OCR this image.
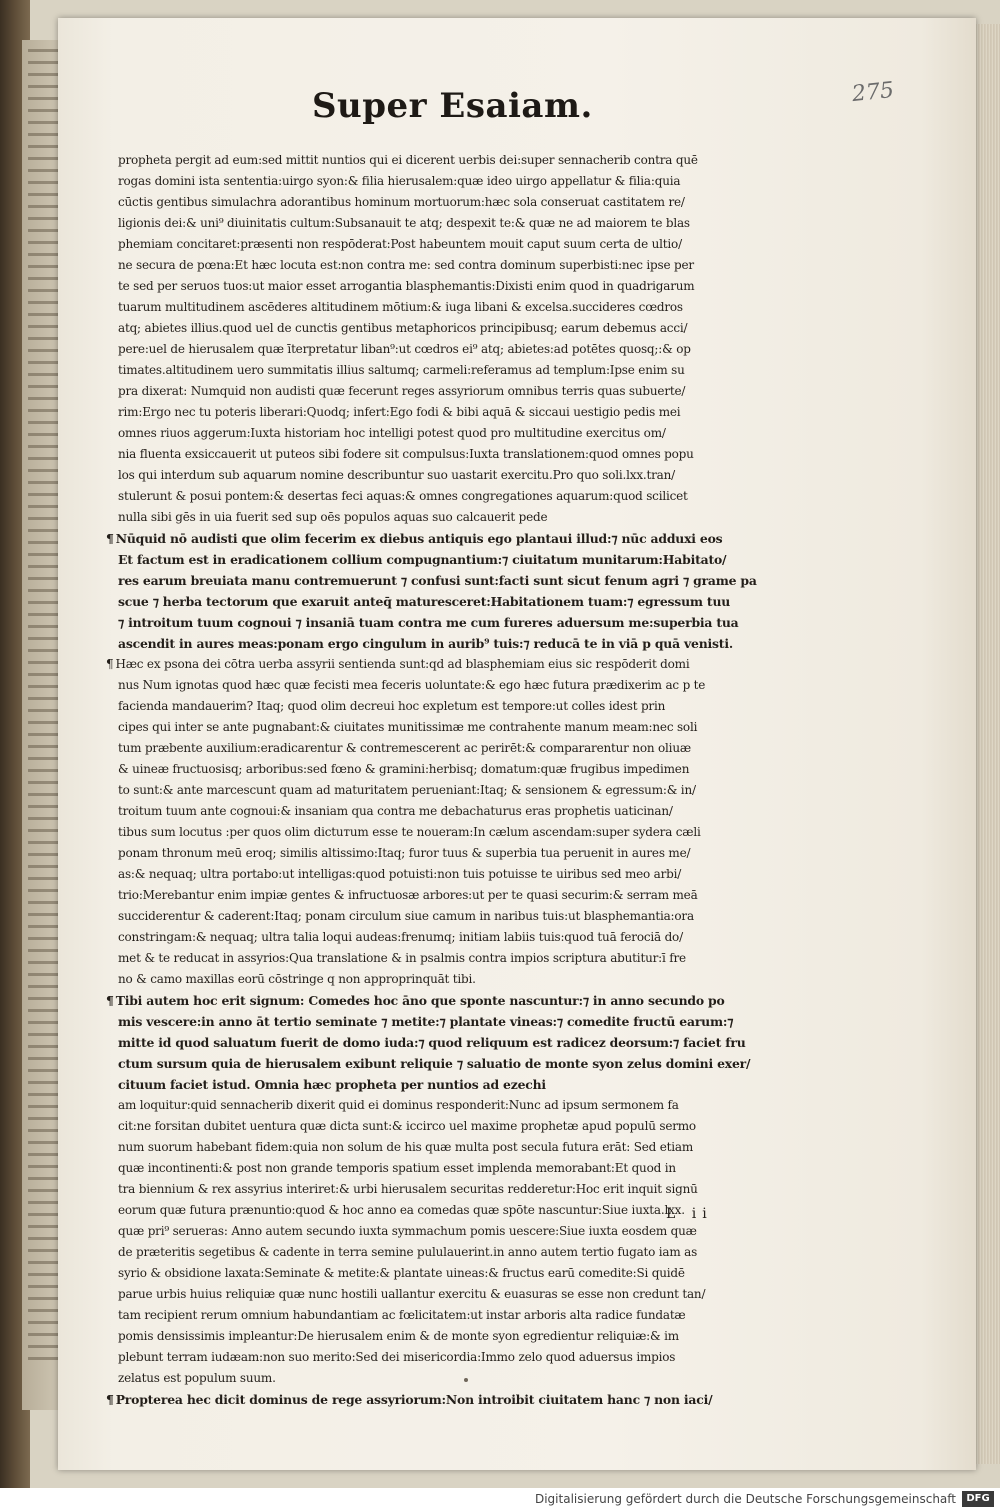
275
Super Esaiam.
propheta pergit ad eum:sed mittit nuntios qui ei dicerent uerbis dei:super sennacherib contra quē
rogas domini ista sententia:uirgo syon:& filia hierusalem:quæ ideo uirgo appellatur & filia:quia
cūctis gentibus simulachra adorantibus hominum mortuorum:hæc sola conseruat castitatem re/
ligionis dei:& uni⁹ diuinitatis cultum:Subsanauit te atq; despexit te:& quæ ne ad maiorem te blas
phemiam concitaret:præsenti non respōderat:Post habeuntem mouit caput suum certa de ultio/
ne secura de pœna:Et hæc locuta est:non contra me: sed contra dominum superbisti:nec ipse per
te sed per seruos tuos:ut maior esset arrogantia blasphemantis:Dixisti enim quod in quadrigarum
tuarum multitudinem ascēderes altitudinem mōtium:& iuga libani & excelsa.succideres cœdros
atq; abietes illius.quod uel de cunctis gentibus metaphoricos principibusq; earum debemus acci/
pere:uel de hierusalem quæ īterpretatur liban⁹:ut cœdros ei⁹ atq; abietes:ad potētes quosq;:& op
timates.altitudinem uero summitatis illius saltumq; carmeli:referamus ad templum:Ipse enim su
pra dixerat: Numquid non audisti quæ fecerunt reges assyriorum omnibus terris quas subuerte/
rim:Ergo nec tu poteris liberari:Quodq; infert:Ego fodi & bibi aquā & siccaui uestigio pedis mei
omnes riuos aggerum:Iuxta historiam hoc intelligi potest quod pro multitudine exercitus om/
nia fluenta exsiccauerit ut puteos sibi fodere sit compulsus:Iuxta translationem:quod omnes popu
los qui interdum sub aquarum nomine describuntur suo uastarit exercitu.Pro quo soli.lxx.tran/
stulerunt & posui pontem:& desertas feci aquas:& omnes congregationes aquarum:quod scilicet
nulla sibi gēs in uia fuerit sed sup oēs populos aquas suo calcauerit pede
¶ Nūquid nō audisti que olim fecerim ex diebus antiquis ego plantaui illud:⁊ nūc adduxi eos
Et factum est in eradicationem collium compugnantium:⁊ ciuitatum munitarum:Habitato/
res earum breuiata manu contremuerunt ⁊ confusi sunt:facti sunt sicut fenum agri ⁊ grame pa
scue ⁊ herba tectorum que exaruit anteq̄ maturesceret:Habitationem tuam:⁊ egressum tuu
⁊ introitum tuum cognoui ⁊ insaniā tuam contra me cum fureres aduersum me:superbia tua
ascendit in aures meas:ponam ergo cingulum in aurib⁹ tuis:⁊ reducā te in viā p quā venisti.
¶ Hæc ex psona dei cōtra uerba assyrii sentienda sunt:qd ad blasphemiam eius sic respōderit domi
nus Num ignotas quod hæc quæ fecisti mea feceris uoluntate:& ego hæc futura prædixerim ac p te
facienda mandauerim? Itaq; quod olim decreui hoc expletum est tempore:ut colles idest prin
cipes qui inter se ante pugnabant:& ciuitates munitissimæ me contrahente manum meam:nec soli
tum præbente auxilium:eradicarentur & contremescerent ac perirēt:& compararentur non oliuæ
& uineæ fructuosisq; arboribus:sed fœno & gramini:herbisq; domatum:quæ frugibus impedimen
to sunt:& ante marcescunt quam ad maturitatem perueniant:Itaq; & sensionem & egressum:& in/
troitum tuum ante cognoui:& insaniam qua contra me debachaturus eras prophetis uaticinan/
tibus sum locutus :per quos olim dictuтum esse te noueram:In cælum ascendam:super sydera cæli
ponam thronum meū eroq; similis altissimo:Itaq; furor tuus & superbia tua peruenit in aures me/
as:& nequaq; ultra portabo:ut intelligas:quod potuisti:non tuis potuisse te uiribus sed meo arbi/
trio:Merebantur enim impiæ gentes & infructuosæ arbores:ut per te quasi securim:& serram meā
succiderentur & caderent:Itaq; ponam circulum siue camum in naribus tuis:ut blasphemantia:ora
constringam:& nequaq; ultra talia loqui audeas:frenumq; initiam labiis tuis:quod tuā ferociā do/
met & te reducat in assyrios:Qua translatione & in psalmis contra impios scriptura abutitur:ī fre
no & camo maxillas eorū cōstringe q non approprinquāt tibi.
¶ Tibi autem hoc erit signum: Comedes hoc āno que sponte nascuntur:⁊ in anno secundo po
mis vescere:in anno āt tertio seminate ⁊ metite:⁊ plantate vineas:⁊ comedite fructū earum:⁊
mitte id quod saluatum fuerit de domo iuda:⁊ quod reliquum est radicez deorsum:⁊ faciet fru
ctum sursum quia de hierusalem exibunt reliquie ⁊ saluatio de monte syon zelus domini exer/
cituum faciet istud. Omnia hæc propheta per nuntios ad ezechi
am loquitur:quid sennacherib dixerit quid ei dominus responderit:Nunc ad ipsum sermonem fa
cit:ne forsitan dubitet uentura quæ dicta sunt:& iccirco uel maxime prophetæ apud populū sermo
num suorum habebant fidem:quia non solum de his quæ multa post secula futura erāt: Sed etiam
quæ incontinenti:& post non grande temporis spatium esset implenda memorabant:Et quod in
tra biennium & rex assyrius interiret:& urbi hierusalem securitas redderetur:Hoc erit inquit signū
eorum quæ futura prænuntio:quod & hoc anno ea comedas quæ spōte nascuntur:Siue iuxta.lxx.
quæ pri⁹ serueras: Anno autem secundo iuxta symmachum pomis uescere:Siue iuxta eosdem quæ
de præteritis segetibus & cadente in terra semine pululauerint.in anno autem tertio fugato iam as
syrio & obsidione laxata:Seminate & metite:& plantate uineas:& fructus earū comedite:Si quidē
parue urbis huius reliquiæ quæ nunc hostili uallantur exercitu & euasuras se esse non credunt tan/
tam recipient rerum omnium habundantiam ac fœlicitatem:ut instar arboris alta radice fundatæ
pomis densissimis impleantur:De hierusalem enim & de monte syon egredientur reliquiæ:& im
plebunt terram iudæam:non suo merito:Sed dei misericordia:Immo zelo quod aduersus impios
zelatus est populum suum.
¶ Propterea hec dicit dominus de rege assyriorum:Non introibit ciuitatem hanc ⁊ non iaci/
L ii
Digitalisierung gefördert durch die Deutsche Forschungsgemeinschaft	DFG
